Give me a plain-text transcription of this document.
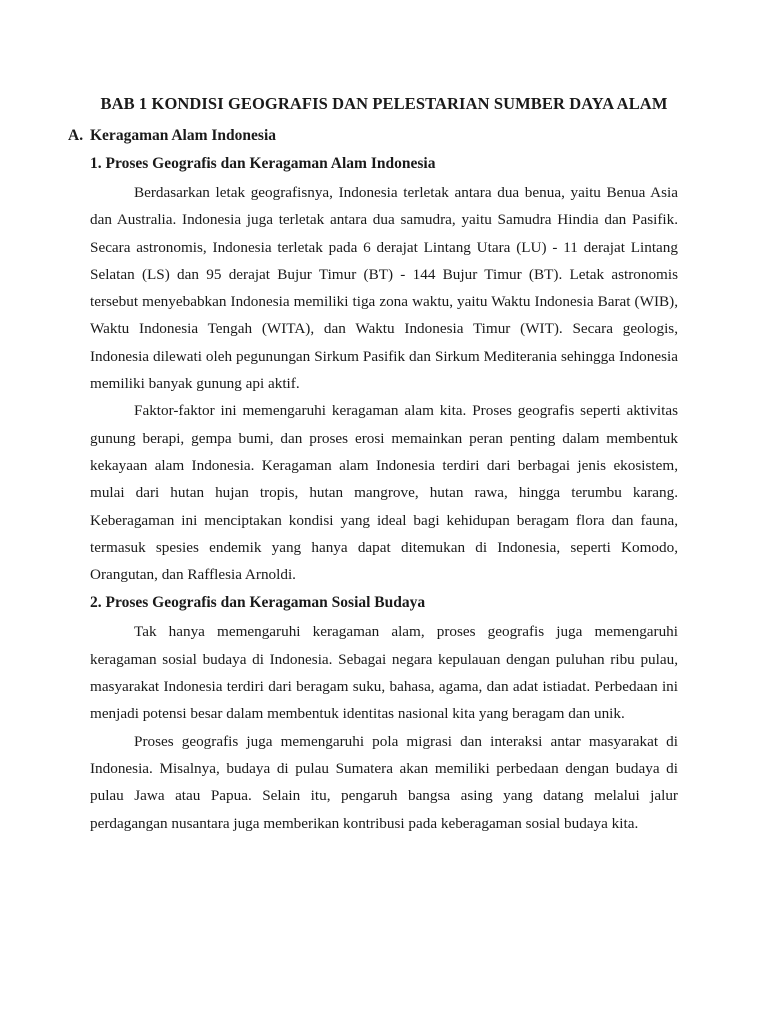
BAB 1 KONDISI GEOGRAFIS DAN PELESTARIAN SUMBER DAYA ALAM
A. Keragaman Alam Indonesia
1. Proses Geografis dan Keragaman Alam Indonesia

Berdasarkan letak geografisnya, Indonesia terletak antara dua benua, yaitu Benua Asia dan Australia. Indonesia juga terletak antara dua samudra, yaitu Samudra Hindia dan Pasifik. Secara astronomis, Indonesia terletak pada 6 derajat Lintang Utara (LU) - 11 derajat Lintang Selatan (LS) dan 95 derajat Bujur Timur (BT) - 144 Bujur Timur (BT). Letak astronomis tersebut menyebabkan Indonesia memiliki tiga zona waktu, yaitu Waktu Indonesia Barat (WIB), Waktu Indonesia Tengah (WITA), dan Waktu Indonesia Timur (WIT). Secara geologis, Indonesia dilewati oleh pegunungan Sirkum Pasifik dan Sirkum Mediterania sehingga Indonesia memiliki banyak gunung api aktif.

Faktor-faktor ini memengaruhi keragaman alam kita. Proses geografis seperti aktivitas gunung berapi, gempa bumi, dan proses erosi memainkan peran penting dalam membentuk kekayaan alam Indonesia. Keragaman alam Indonesia terdiri dari berbagai jenis ekosistem, mulai dari hutan hujan tropis, hutan mangrove, hutan rawa, hingga terumbu karang. Keberagaman ini menciptakan kondisi yang ideal bagi kehidupan beragam flora dan fauna, termasuk spesies endemik yang hanya dapat ditemukan di Indonesia, seperti Komodo, Orangutan, dan Rafflesia Arnoldi.

2. Proses Geografis dan Keragaman Sosial Budaya

Tak hanya memengaruhi keragaman alam, proses geografis juga memengaruhi keragaman sosial budaya di Indonesia. Sebagai negara kepulauan dengan puluhan ribu pulau, masyarakat Indonesia terdiri dari beragam suku, bahasa, agama, dan adat istiadat. Perbedaan ini menjadi potensi besar dalam membentuk identitas nasional kita yang beragam dan unik.

Proses geografis juga memengaruhi pola migrasi dan interaksi antar masyarakat di Indonesia. Misalnya, budaya di pulau Sumatera akan memiliki perbedaan dengan budaya di pulau Jawa atau Papua. Selain itu, pengaruh bangsa asing yang datang melalui jalur perdagangan nusantara juga memberikan kontribusi pada keberagaman sosial budaya kita.
